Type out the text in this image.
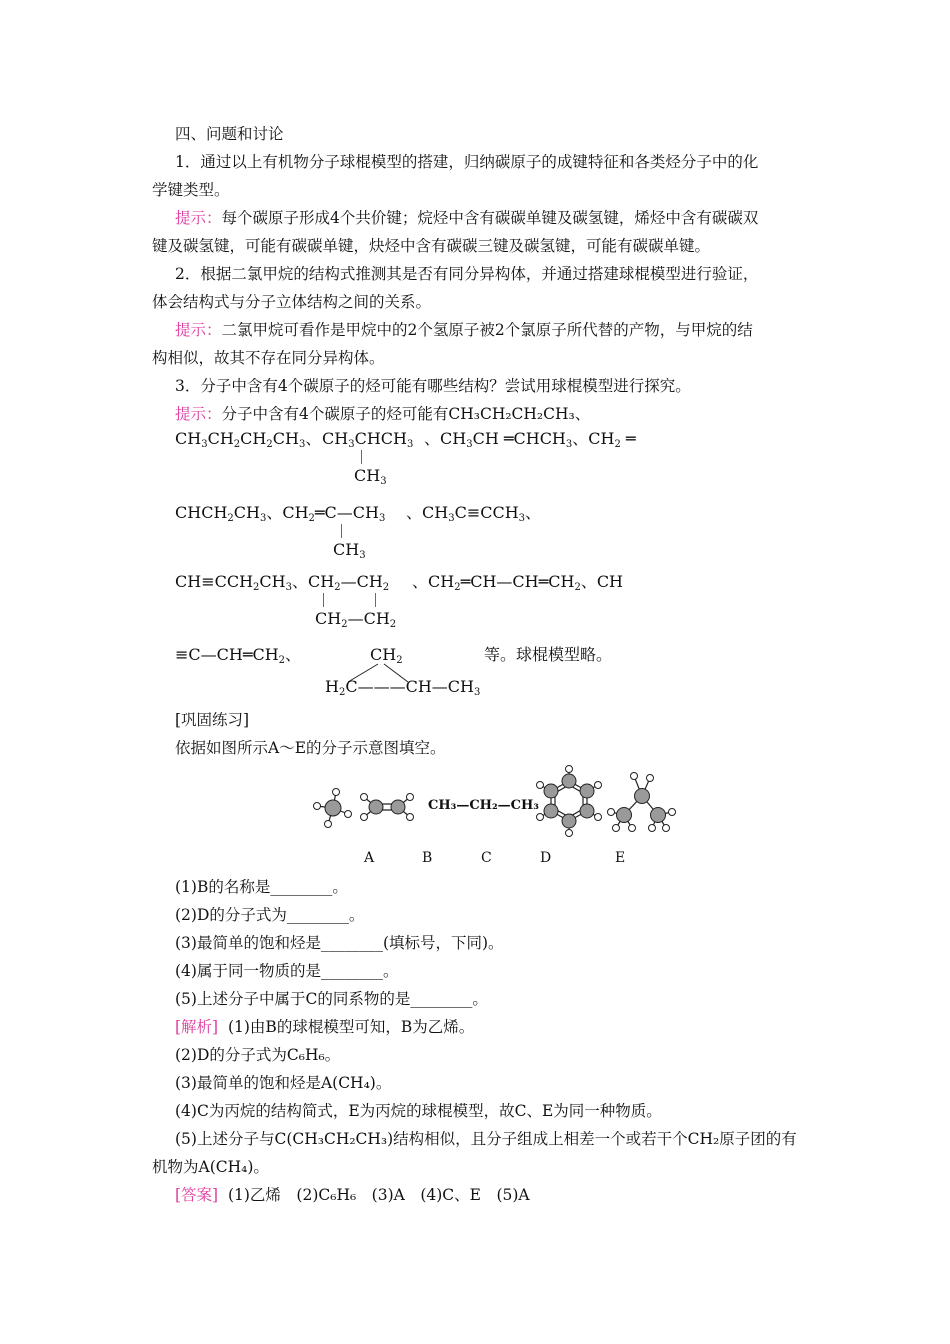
四、问题和讨论
1．通过以上有机物分子球棍模型的搭建，归纳碳原子的成键特征和各类烃分子中的化
学键类型。
提示：每个碳原子形成4个共价键；烷烃中含有碳碳单键及碳氢键，烯烃中含有碳碳双
键及碳氢键，可能有碳碳单键，炔烃中含有碳碳三键及碳氢键，可能有碳碳单键。
2．根据二氯甲烷的结构式推测其是否有同分异构体，并通过搭建球棍模型进行验证，
体会结构式与分子立体结构之间的关系。
提示：二氯甲烷可看作是甲烷中的2个氢原子被2个氯原子所代替的产物，与甲烷的结
构相似，故其不存在同分异构体。
3．分子中含有4个碳原子的烃可能有哪些结构？尝试用球棍模型进行探究。
提示：分子中含有4个碳原子的烃可能有CH₃CH₂CH₂CH₃、
$CH_3CH_2CH_2CH_3$、 $CH_3CHCH_3$
$CH_3$
、$CH_3CH$ $═CHCH_3$、$CH_2$ ═
$CHCH_2CH_3$、$CH_2═C—CH_3$
$CH_3$
、$CH_3C\equiv CCH_3$、
$CH\equiv CCH_2CH_3$、$CH_2—CH_2$
$CH_2—CH_2$
、$CH_2═CH—CH═CH_2$、CH
$\equiv C—CH═CH_2$、	$CH_2$
$H_2C———CH—CH_3$
等。球棍模型略。
[巩固练习]
依据如图所示A～E的分子示意图填空。
CH₃—CH₂—CH₃
A	B	C	D	E
(1)B的名称是________。
(2)D的分子式为________。
(3)最简单的饱和烃是________(填标号，下同)。
(4)属于同一物质的是________。
(5)上述分子中属于C的同系物的是________。
[解析] (1)由B的球棍模型可知，B为乙烯。
(2)D的分子式为C₆H₆。
(3)最简单的饱和烃是A(CH₄)。
(4)C为丙烷的结构简式，E为丙烷的球棍模型，故C、E为同一种物质。
(5)上述分子与C(CH₃CH₂CH₃)结构相似，且分子组成上相差一个或若干个CH₂原子团的有
机物为A(CH₄)。
[答案] (1)乙烯　(2)C₆H₆　(3)A　(4)C、E　(5)A
